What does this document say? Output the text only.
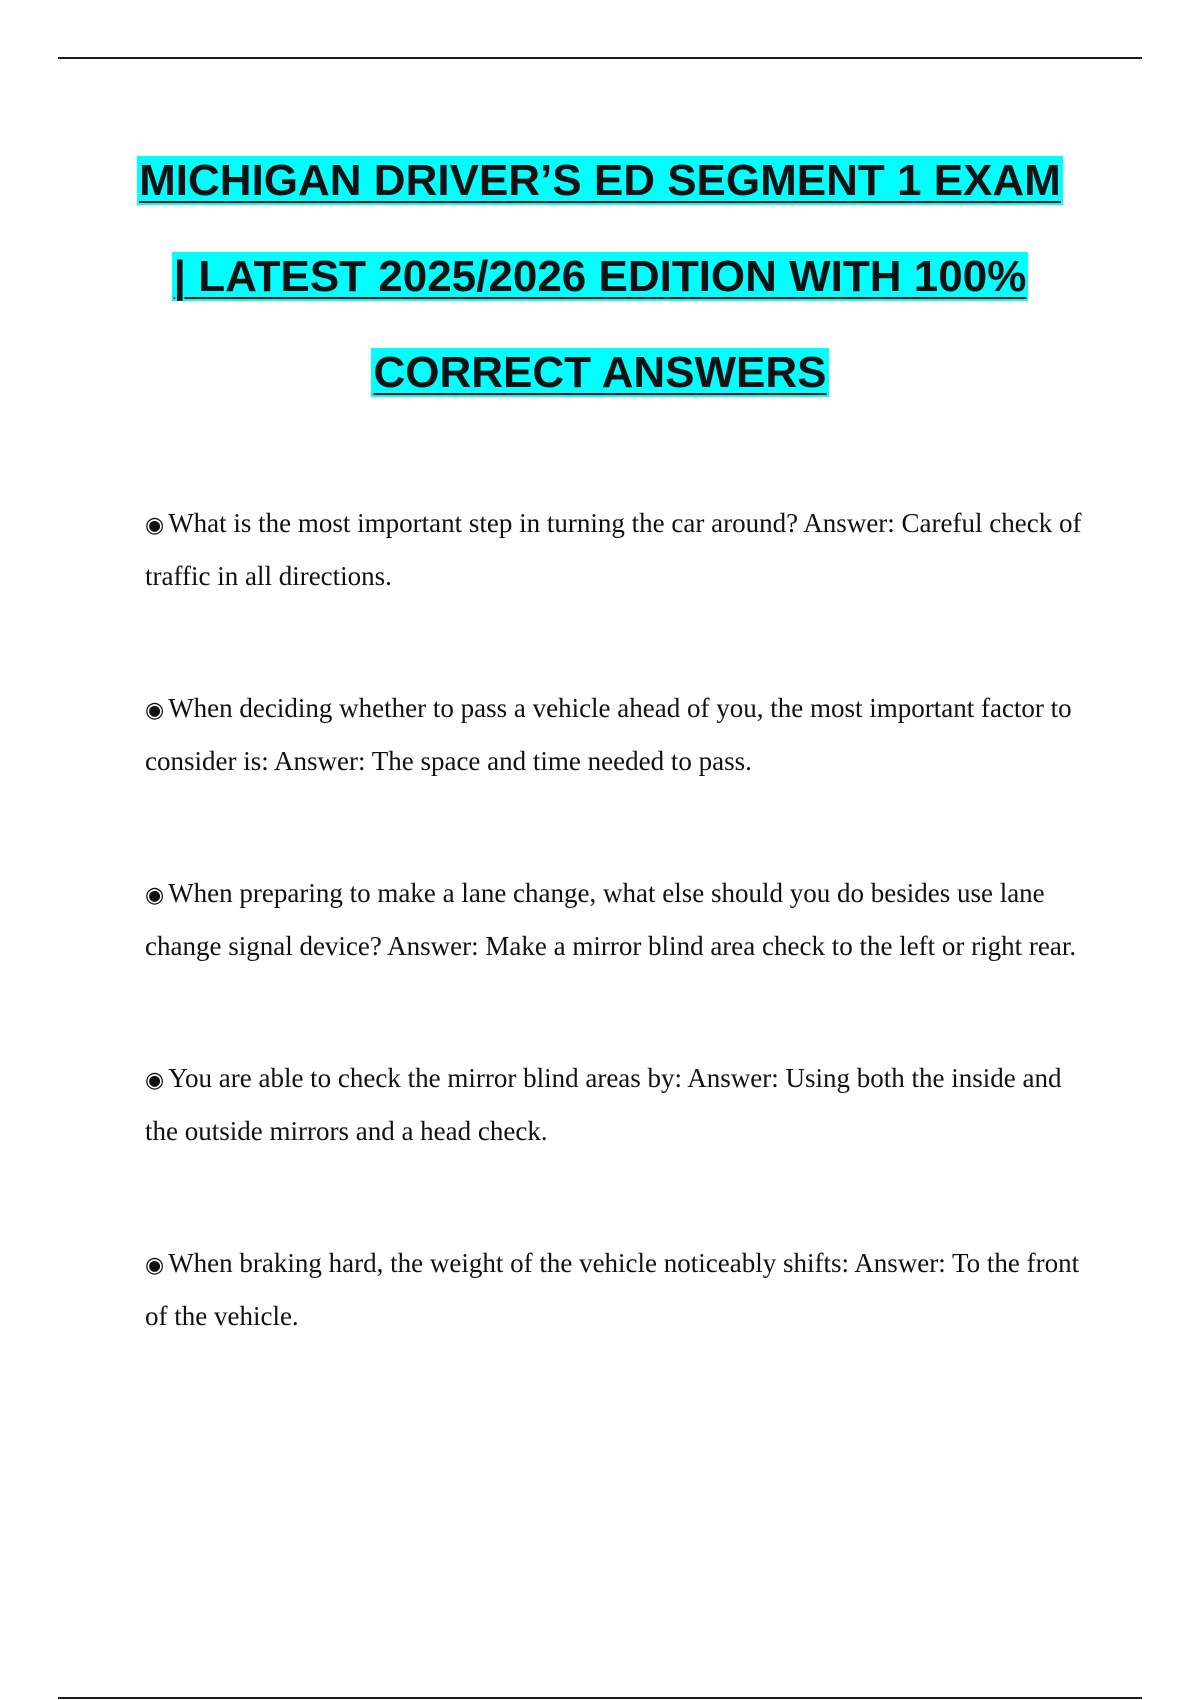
MICHIGAN DRIVER’S ED SEGMENT 1 EXAM
| LATEST 2025/2026 EDITION WITH 100%
CORRECT ANSWERS

◉ What is the most important step in turning the car around? Answer: Careful check of traffic in all directions.

◉ When deciding whether to pass a vehicle ahead of you, the most important factor to consider is: Answer: The space and time needed to pass.

◉ When preparing to make a lane change, what else should you do besides use lane change signal device? Answer: Make a mirror blind area check to the left or right rear.

◉ You are able to check the mirror blind areas by: Answer: Using both the inside and the outside mirrors and a head check.

◉ When braking hard, the weight of the vehicle noticeably shifts: Answer: To the front of the vehicle.
